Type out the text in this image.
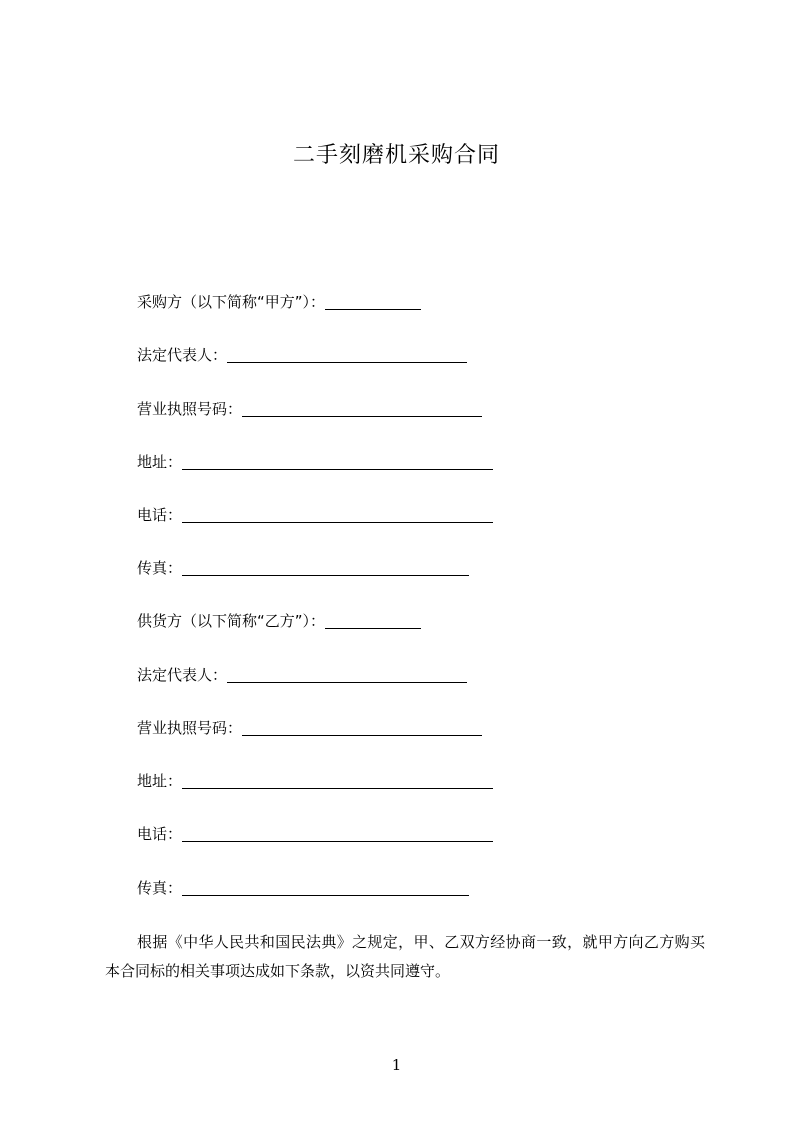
二手刻磨机采购合同
采购方（以下简称“甲方”）：
法定代表人：
营业执照号码：
地址：
电话：
传真：
供货方（以下简称“乙方”）：
法定代表人：
营业执照号码：
地址：
电话：
传真：
根据《中华人民共和国民法典》之规定，甲、乙双方经协商一致，就甲方向乙方购买本合同标的相关事项达成如下条款，以资共同遵守。
1
